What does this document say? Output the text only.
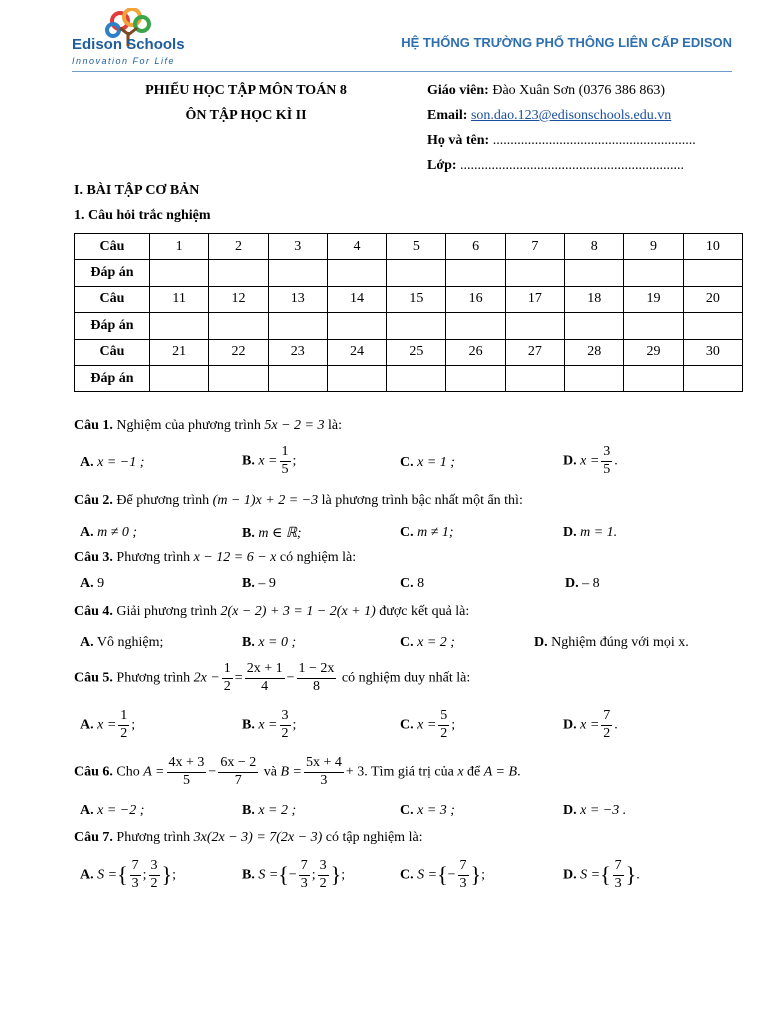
Edison Schools
Innovation For Life
HỆ THỐNG TRƯỜNG PHỔ THÔNG LIÊN CẤP EDISON
PHIẾU HỌC TẬP MÔN TOÁN 8
ÔN TẬP HỌC KÌ II
Giáo viên: Đào Xuân Sơn (0376 386 863)
Email: son.dao.123@edisonschools.edu.vn
Họ và tên: ..........................................................
Lớp: ................................................................
I. BÀI TẬP CƠ BẢN
1. Câu hỏi trắc nghiệm
Câu	1	2	3	4	5	6	7	8	9	10
Đáp án										
Câu	11	12	13	14	15	16	17	18	19	20
Đáp án										
Câu	21	22	23	24	25	26	27	28	29	30
Đáp án										
Câu 1. Nghiệm của phương trình 5x − 2 = 3 là:
A. x = −1 ;	B. $x = \frac{1}{5}$ ;	C. x = 1 ;	D. $x = \frac{3}{5}$ .
Câu 2. Để phương trình (m − 1)x + 2 = −3 là phương trình bậc nhất một ẩn thì:
A. m ≠ 0 ;	B. m ∈ ℝ;	C. m ≠ 1;	D. m = 1.
Câu 3. Phương trình x − 12 = 6 − x có nghiệm là:
A. 9	B. – 9	C. 8	D. – 8
Câu 4. Giải phương trình 2(x − 2) + 3 = 1 − 2(x + 1) được kết quả là:
A. Vô nghiệm;	B. x = 0 ;	C. x = 2 ;	D. Nghiệm đúng với mọi x.
Câu 5. Phương trình $2x - \frac{1}{2} = \frac{2x + 1}{4} - \frac{1 - 2x}{8}$ có nghiệm duy nhất là:
A. $x = \frac{1}{2}$ ;	B. $x = \frac{3}{2}$ ;	C. $x = \frac{5}{2}$ ;	D. $x = \frac{7}{2}$ .
Câu 6. Cho $A = \frac{4x + 3}{5} - \frac{6x - 2}{7}$ và $B = \frac{5x + 4}{3} + 3$. Tìm giá trị của x để A = B.
A. x = −2 ;	B. x = 2 ;	C. x = 3 ;	D. x = −3 .
Câu 7. Phương trình 3x(2x − 3) = 7(2x − 3) có tập nghiệm là:
A. S ={ $\frac{7}{3}$ ; $\frac{3}{2}$ };	B. S ={− $\frac{7}{3}$ ; $\frac{3}{2}$ };	C. S ={− $\frac{7}{3}$ };	D. S ={ $\frac{7}{3}$ }.
